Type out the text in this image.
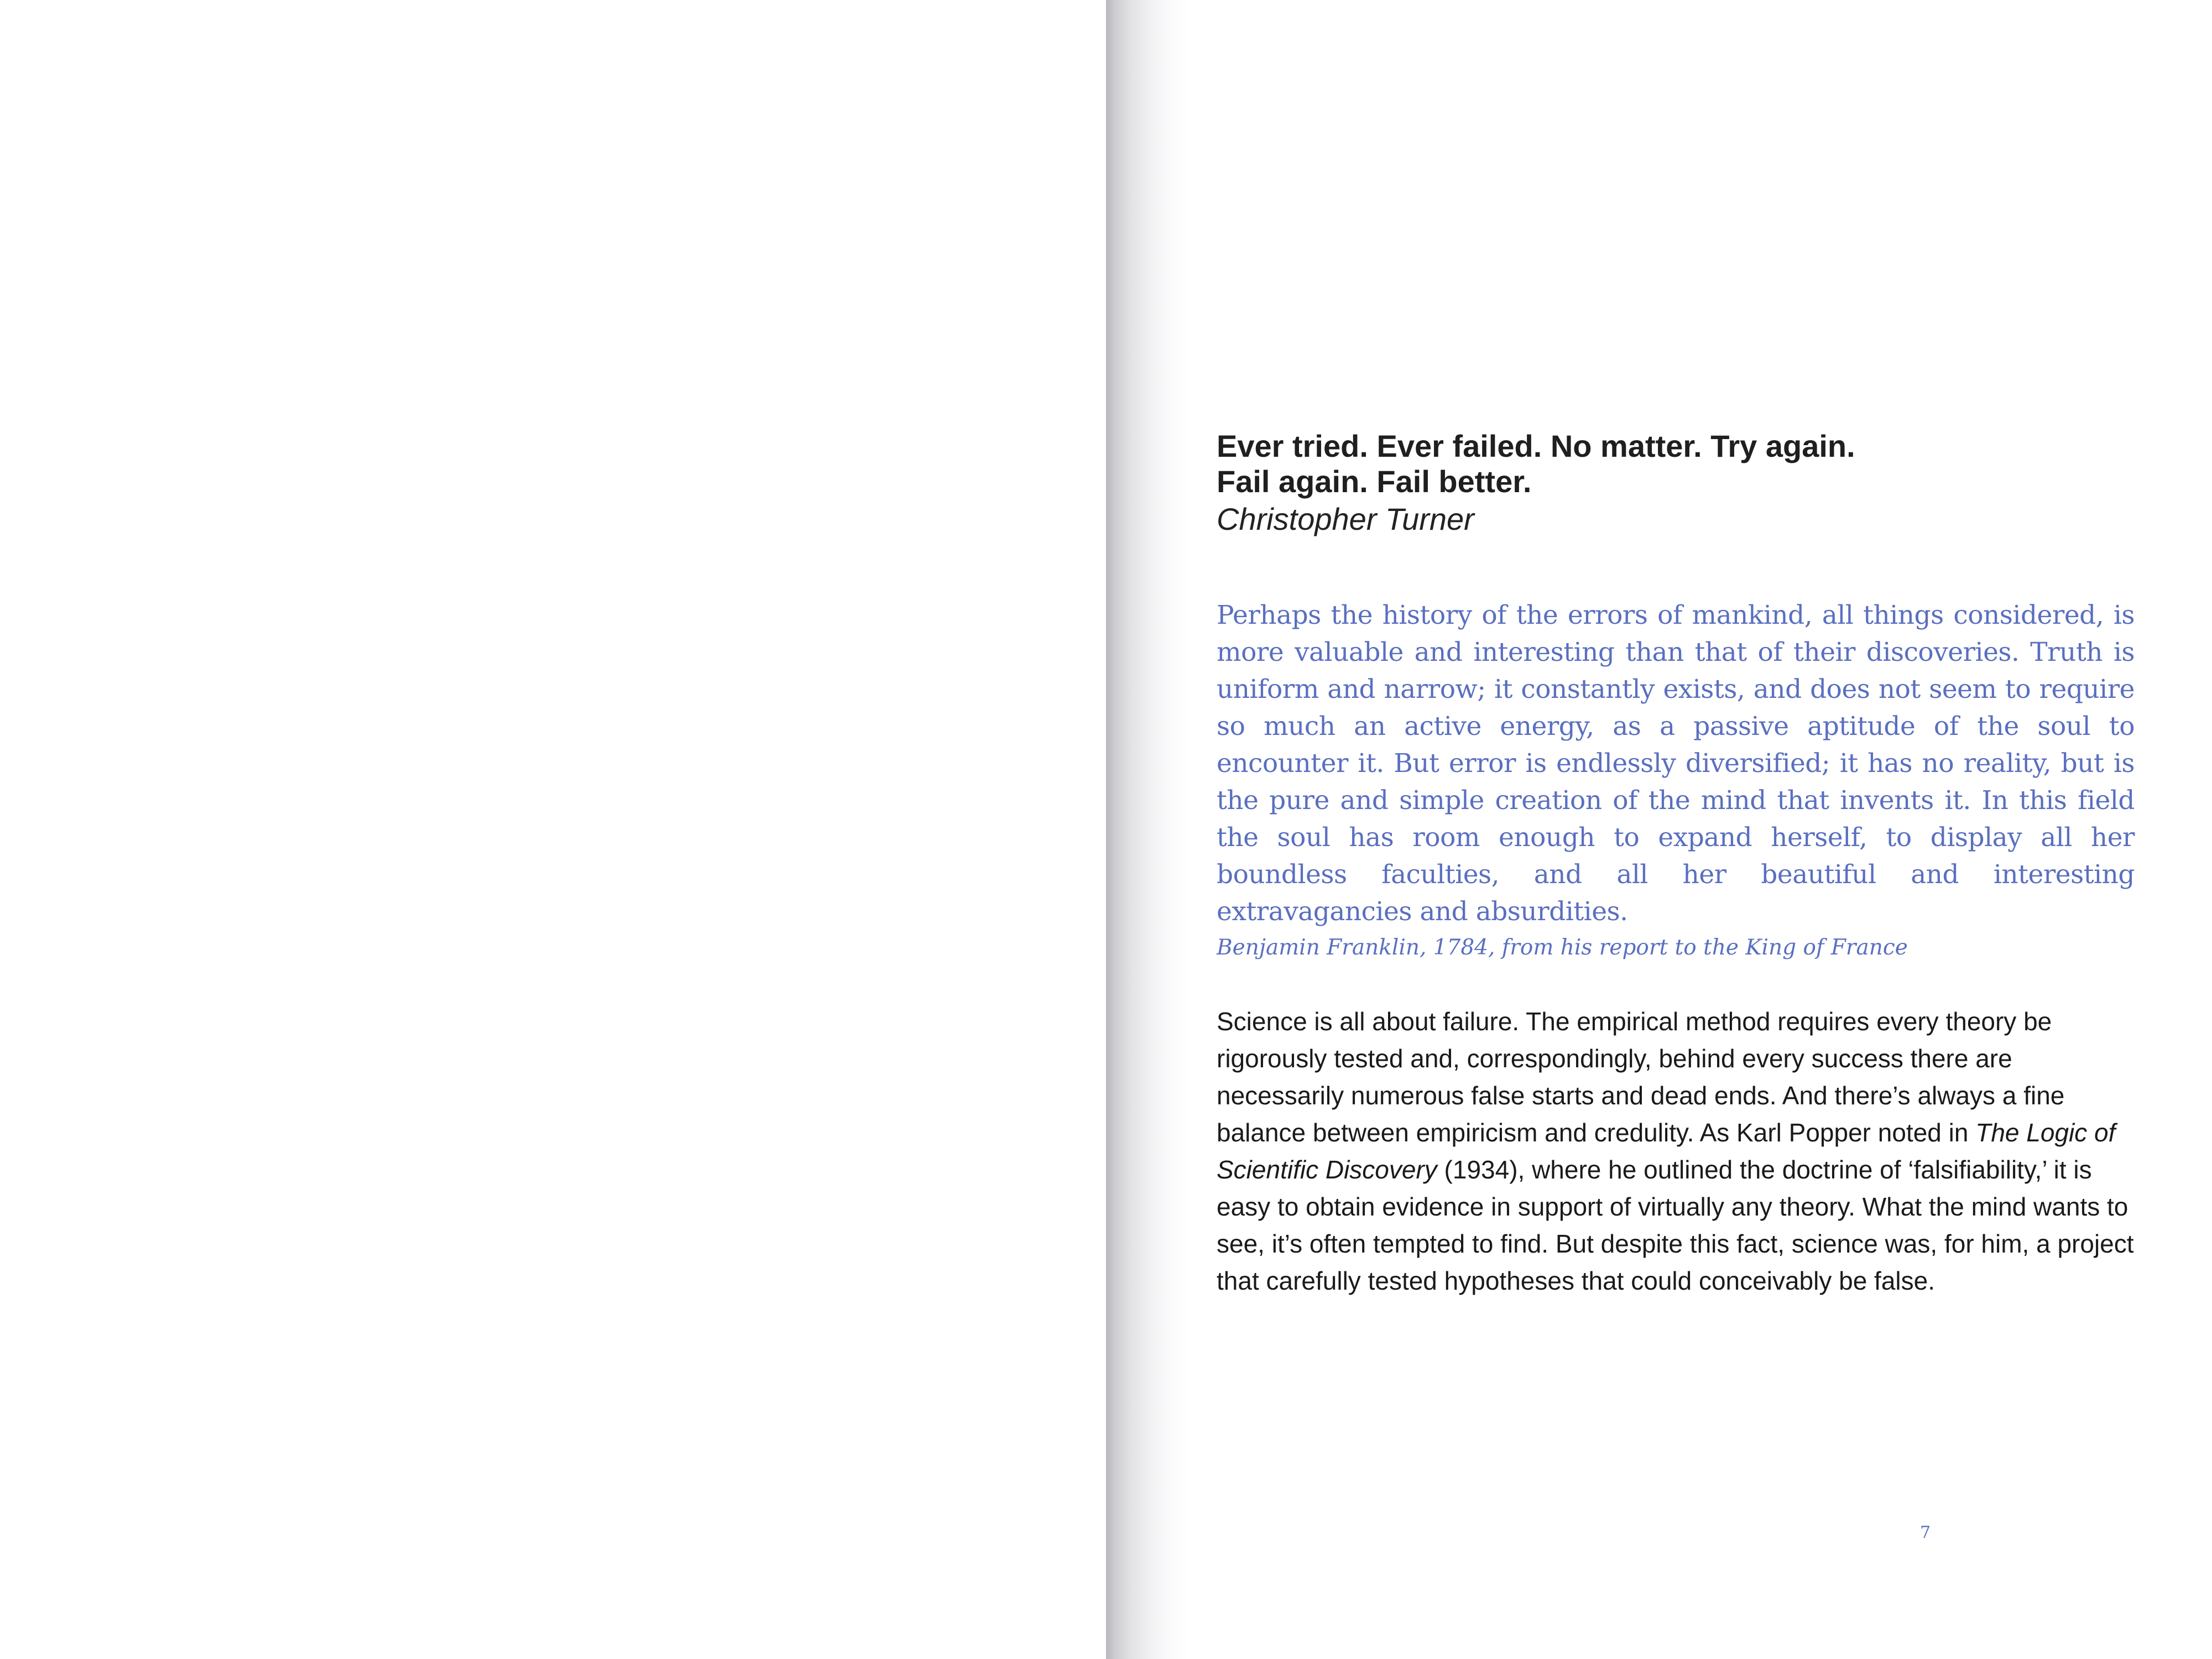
Ever tried. Ever failed. No matter. Try again.
Fail again. Fail better.

Christopher Turner

Perhaps the history of the errors of mankind, all things considered, is more valuable and interesting than that of their discoveries. Truth is uniform and narrow; it constantly exists, and does not seem to require so much an active energy, as a passive aptitude of the soul to encounter it. But error is endlessly diversified; it has no reality, but is the pure and simple creation of the mind that invents it. In this field the soul has room enough to expand herself, to display all her boundless faculties, and all her beautiful and interesting extravagancies and absurdities.
Benjamin Franklin, 1784, from his report to the King of France
Science is all about failure. The empirical method requires every theory be rigorously tested and, correspondingly, behind every success there are necessarily numerous false starts and dead ends. And there’s always a fine balance between empiricism and credulity. As Karl Popper noted in The Logic of Scientific Discovery (1934), where he outlined the doctrine of ‘falsifiability,’ it is easy to obtain evidence in support of virtually any theory. What the mind wants to see, it’s often tempted to find. But despite this fact, science was, for him, a project that carefully tested hypotheses that could conceivably be false.
7
